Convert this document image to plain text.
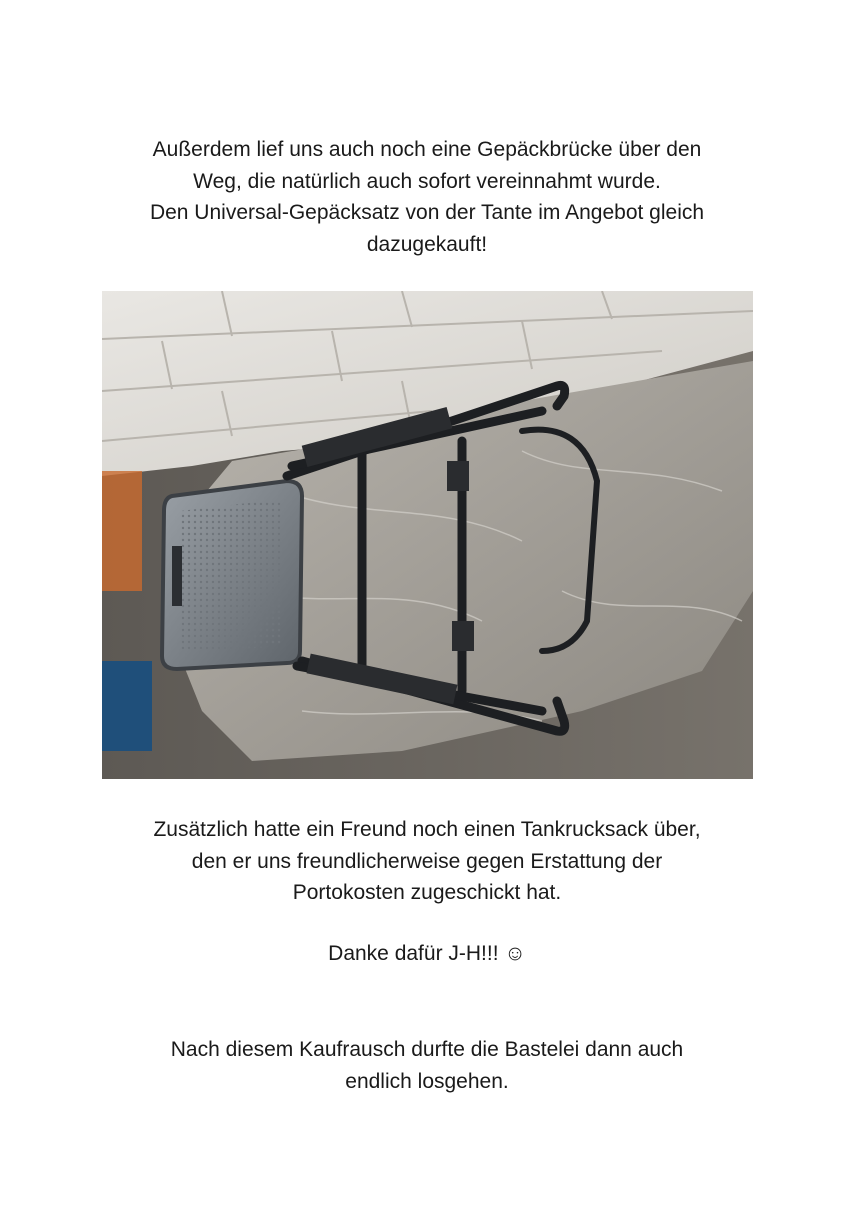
Außerdem lief uns auch noch eine Gepäckbrücke über den
Weg, die natürlich auch sofort vereinnahmt wurde.
Den Universal-Gepäcksatz von der Tante im Angebot gleich
dazugekauft!
Zusätzlich hatte ein Freund noch einen Tankrucksack über,
den er uns freundlicherweise gegen Erstattung der
Portokosten zugeschickt hat.
Danke dafür J-H!!! ☺
Nach diesem Kaufrausch durfte die Bastelei dann auch
endlich losgehen.
